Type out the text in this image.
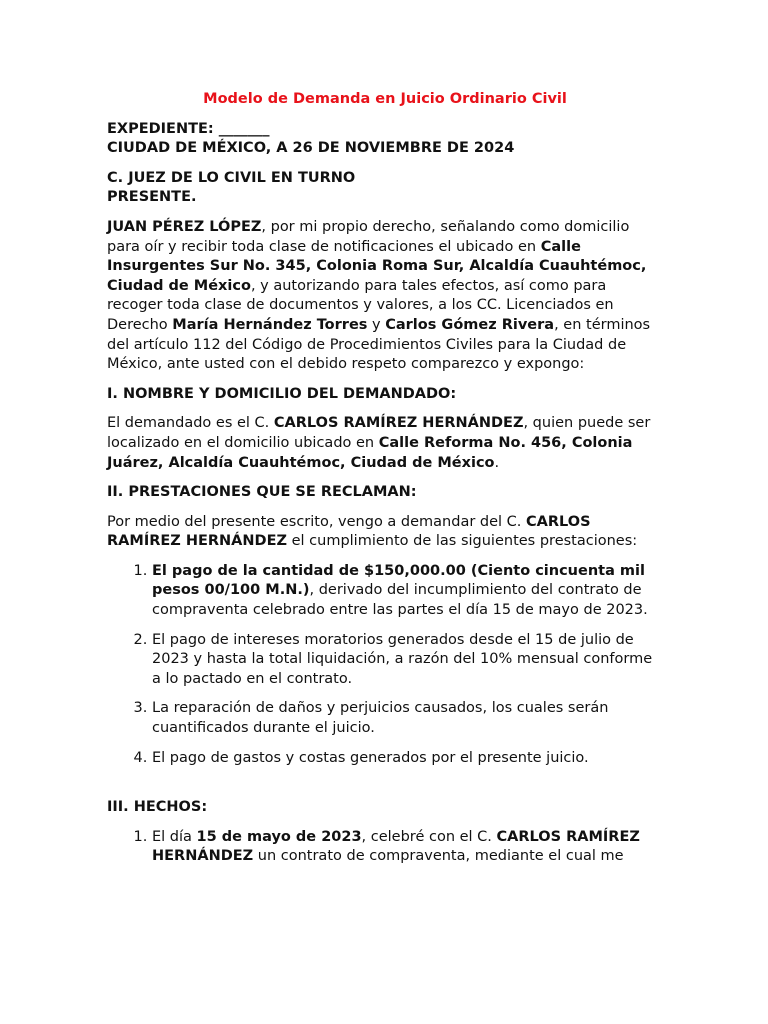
Modelo de Demanda en Juicio Ordinario Civil
EXPEDIENTE: _______
CIUDAD DE MÉXICO, A 26 DE NOVIEMBRE DE 2024
C. JUEZ DE LO CIVIL EN TURNO
PRESENTE.

JUAN PÉREZ LÓPEZ, por mi propio derecho, señalando como domicilio para oír y recibir toda clase de notificaciones el ubicado en Calle Insurgentes Sur No. 345, Colonia Roma Sur, Alcaldía Cuauhtémoc, Ciudad de México, y autorizando para tales efectos, así como para recoger toda clase de documentos y valores, a los CC. Licenciados en Derecho María Hernández Torres y Carlos Gómez Rivera, en términos del artículo 112 del Código de Procedimientos Civiles para la Ciudad de México, ante usted con el debido respeto comparezco y expongo:

I. NOMBRE Y DOMICILIO DEL DEMANDADO:

El demandado es el C. CARLOS RAMÍREZ HERNÁNDEZ, quien puede ser localizado en el domicilio ubicado en Calle Reforma No. 456, Colonia Juárez, Alcaldía Cuauhtémoc, Ciudad de México.

II. PRESTACIONES QUE SE RECLAMAN:

Por medio del presente escrito, vengo a demandar del C. CARLOS RAMÍREZ HERNÁNDEZ el cumplimiento de las siguientes prestaciones:

1. El pago de la cantidad de $150,000.00 (Ciento cincuenta mil pesos 00/100 M.N.), derivado del incumplimiento del contrato de compraventa celebrado entre las partes el día 15 de mayo de 2023.
2. El pago de intereses moratorios generados desde el 15 de julio de 2023 y hasta la total liquidación, a razón del 10% mensual conforme a lo pactado en el contrato.
3. La reparación de daños y perjuicios causados, los cuales serán cuantificados durante el juicio.
4. El pago de gastos y costas generados por el presente juicio.
III. HECHOS:
1. El día 15 de mayo de 2023, celebré con el C. CARLOS RAMÍREZ HERNÁNDEZ un contrato de compraventa, mediante el cual me
